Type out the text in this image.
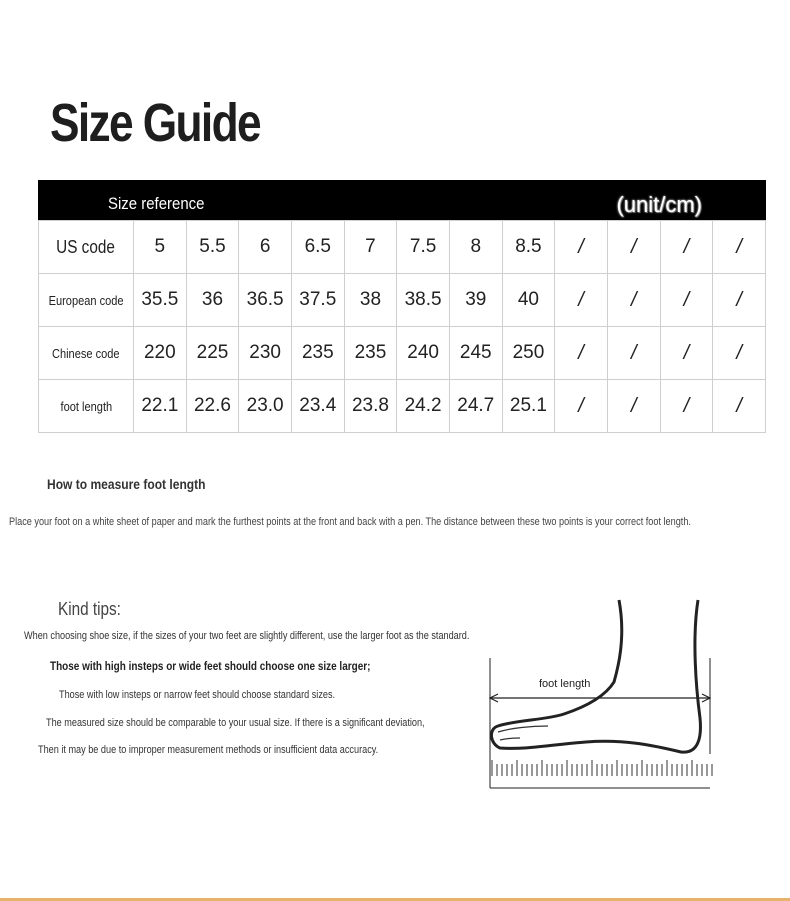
Size Guide
Size reference	(unit/cm)
US code	5	5.5	6	6.5	7	7.5	8	8.5	/	/	/	/
European code	35.5	36	36.5	37.5	38	38.5	39	40	/	/	/	/
Chinese code	220	225	230	235	235	240	245	250	/	/	/	/
foot length	22.1	22.6	23.0	23.4	23.8	24.2	24.7	25.1	/	/	/	/
How to measure foot length
Place your foot on a white sheet of paper and mark the furthest points at the front and back with a pen. The distance between these two points is your correct foot length.
Kind tips:
When choosing shoe size, if the sizes of your two feet are slightly different, use the larger foot as the standard.
Those with high insteps or wide feet should choose one size larger;
Those with low insteps or narrow feet should choose standard sizes.
The measured size should be comparable to your usual size. If there is a significant deviation,
Then it may be due to improper measurement methods or insufficient data accuracy.
foot length
